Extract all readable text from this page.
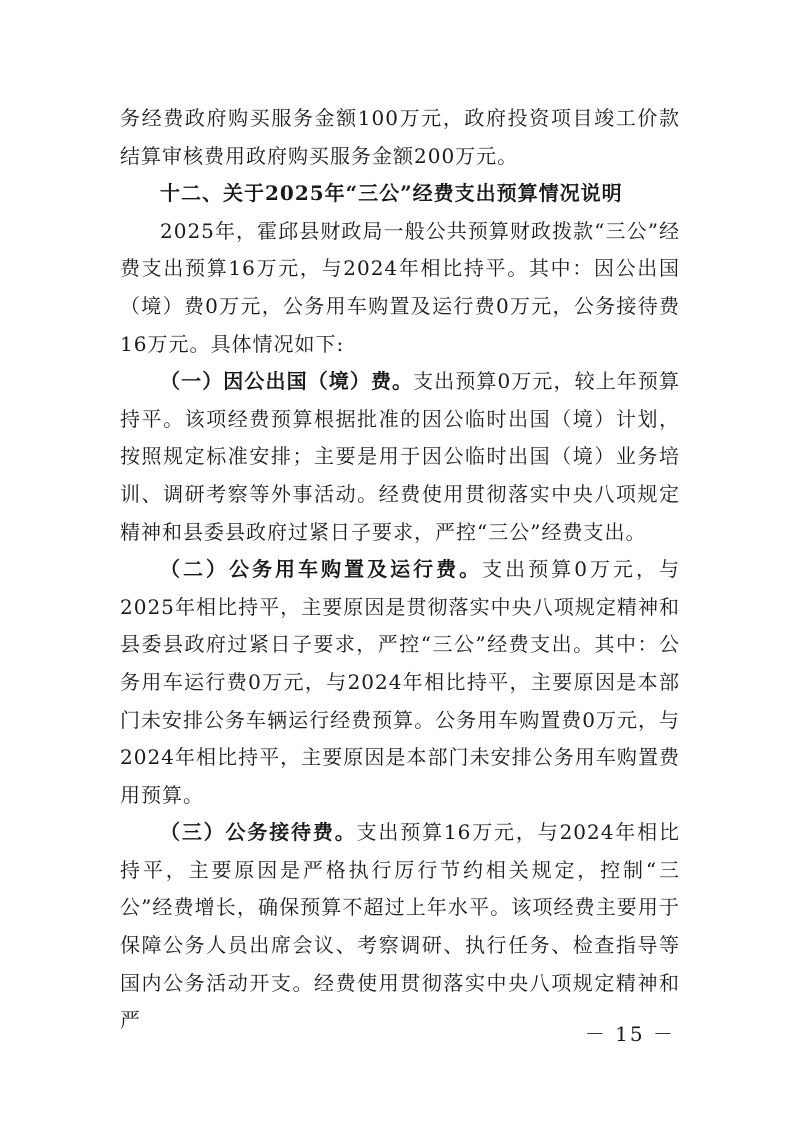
务经费政府购买服务金额100万元，政府投资项目竣工价款结算审核费用政府购买服务金额200万元。

十二、关于2025年“三公”经费支出预算情况说明

2025年，霍邱县财政局一般公共预算财政拨款“三公”经费支出预算16万元，与2024年相比持平。其中：因公出国（境）费0万元，公务用车购置及运行费0万元，公务接待费16万元。具体情况如下:

（一）因公出国（境）费。支出预算0万元，较上年预算持平。该项经费预算根据批准的因公临时出国（境）计划，按照规定标准安排；主要是用于因公临时出国（境）业务培训、调研考察等外事活动。经费使用贯彻落实中央八项规定精神和县委县政府过紧日子要求，严控“三公”经费支出。

（二）公务用车购置及运行费。支出预算0万元，与2025年相比持平，主要原因是贯彻落实中央八项规定精神和县委县政府过紧日子要求，严控“三公”经费支出。其中：公务用车运行费0万元，与2024年相比持平，主要原因是本部门未安排公务车辆运行经费预算。公务用车购置费0万元，与2024年相比持平，主要原因是本部门未安排公务用车购置费用预算。

（三）公务接待费。支出预算16万元，与2024年相比持平，主要原因是严格执行厉行节约相关规定，控制“三公”经费增长，确保预算不超过上年水平。该项经费主要用于保障公务人员出席会议、考察调研、执行任务、检查指导等国内公务活动开支。经费使用贯彻落实中央八项规定精神和严

－ 15 －
